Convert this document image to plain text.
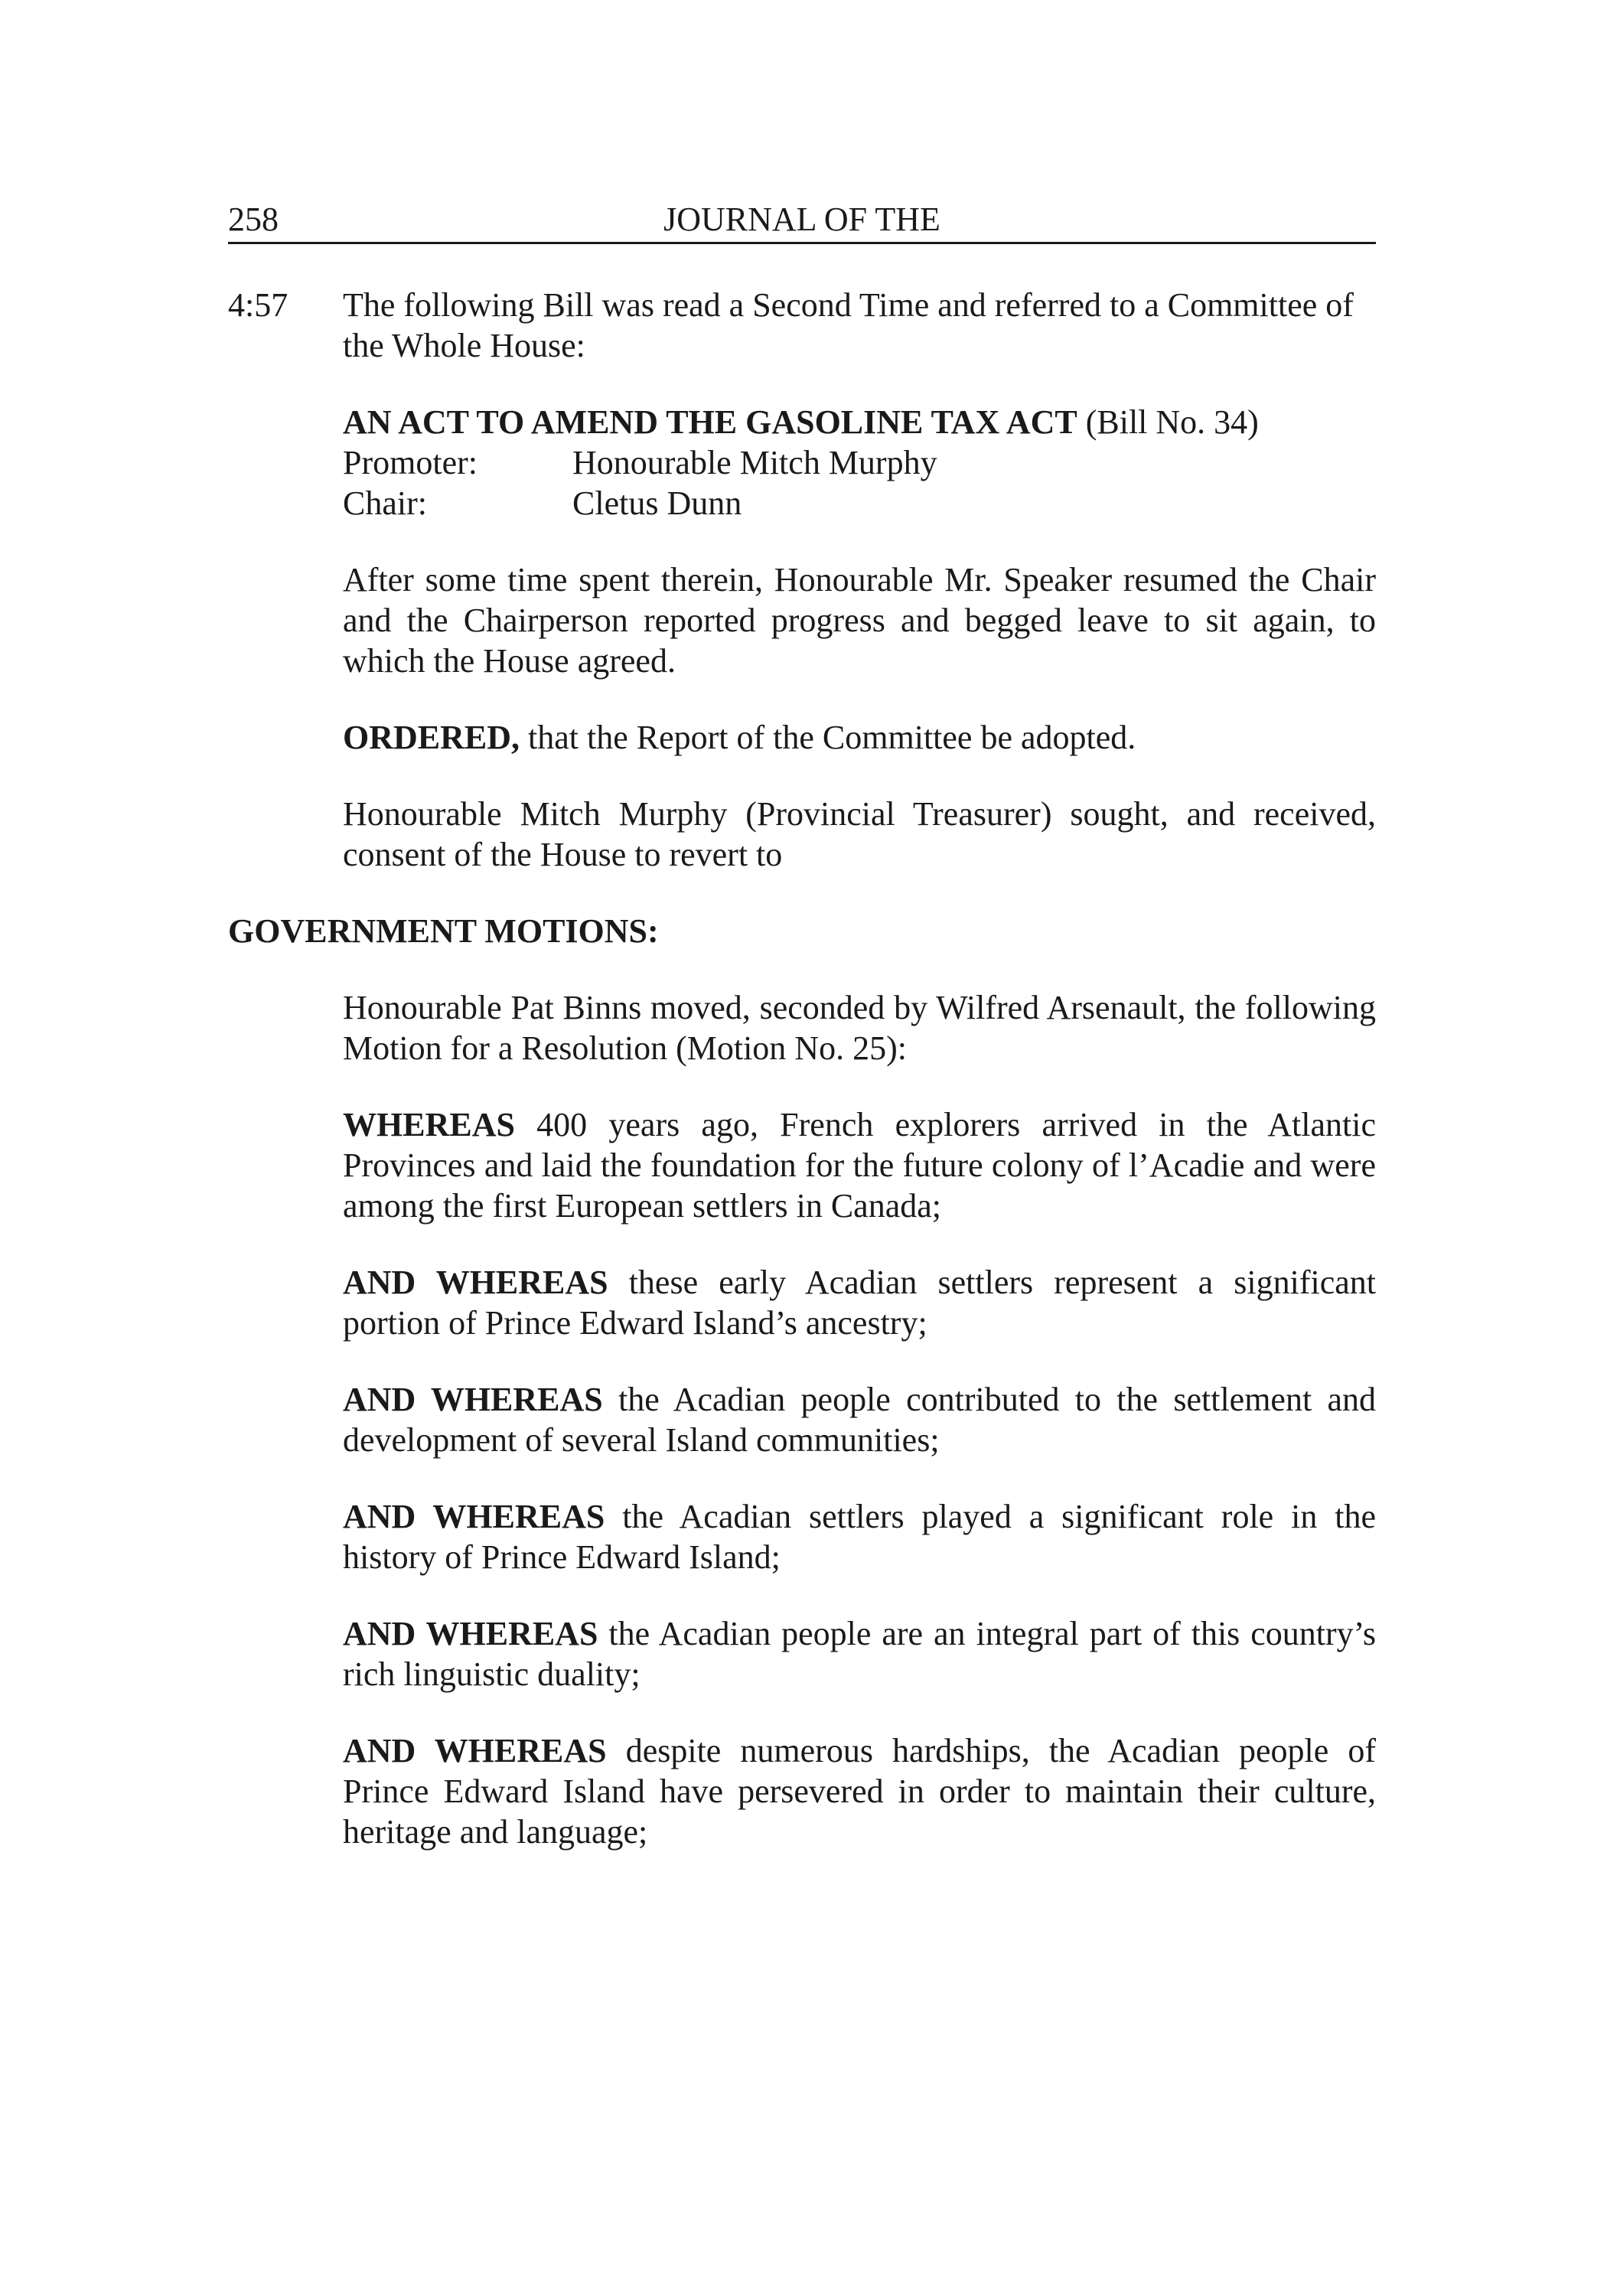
258	JOURNAL OF THE
4:57	The following Bill was read a Second Time and referred to a Committee of the Whole House:

AN ACT TO AMEND THE GASOLINE TAX ACT (Bill No. 34)

Promoter:	Honourable Mitch Murphy
Chair:	Cletus Dunn

After some time spent therein, Honourable Mr. Speaker resumed the Chair and the Chairperson reported progress and begged leave to sit again, to which the House agreed.

ORDERED, that the Report of the Committee be adopted.

Honourable Mitch Murphy (Provincial Treasurer) sought, and received, consent of the House to revert to

GOVERNMENT MOTIONS:

Honourable Pat Binns moved, seconded by Wilfred Arsenault, the following Motion for a Resolution (Motion No. 25):

WHEREAS 400 years ago, French explorers arrived in the Atlantic Provinces and laid the foundation for the future colony of l’Acadie and were among the first European settlers in Canada;

AND WHEREAS these early Acadian settlers represent a significant portion of Prince Edward Island’s ancestry;

AND WHEREAS the Acadian people contributed to the settlement and development of several Island communities;

AND WHEREAS the Acadian settlers played a significant role in the history of Prince Edward Island;

AND WHEREAS the Acadian people are an integral part of this country’s rich linguistic duality;

AND WHEREAS despite numerous hardships, the Acadian people of Prince Edward Island have persevered in order to maintain their culture, heritage and language;
